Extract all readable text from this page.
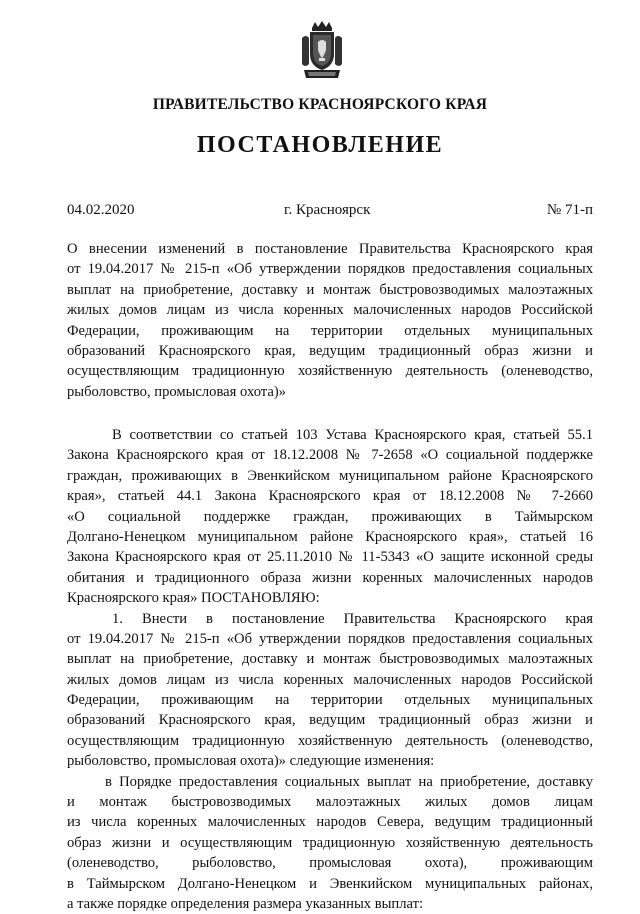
ПРАВИТЕЛЬСТВО КРАСНОЯРСКОГО КРАЯ
ПОСТАНОВЛЕНИЕ
04.02.2020	г. Красноярск	№ 71-п
О внесении изменений в постановление Правительства Красноярского края
от 19.04.2017 № 215-п «Об утверждении порядков предоставления социальных
выплат на приобретение, доставку и монтаж быстровозводимых малоэтажных
жилых домов лицам из числа коренных малочисленных народов Российской
Федерации, проживающим на территории отдельных муниципальных
образований Красноярского края, ведущим традиционный образ жизни и
осуществляющим традиционную хозяйственную деятельность (оленеводство,
рыболовство, промысловая охота)»
В соответствии со статьей 103 Устава Красноярского края, статьей 55.1
Закона Красноярского края от 18.12.2008 № 7-2658 «О социальной поддержке
граждан, проживающих в Эвенкийском муниципальном районе Красноярского
края», статьей 44.1 Закона Красноярского края от 18.12.2008 № 7-2660
«О социальной поддержке граждан, проживающих в Таймырском
Долгано-Ненецком муниципальном районе Красноярского края», статьей 16
Закона Красноярского края от 25.11.2010 № 11-5343 «О защите исконной среды
обитания и традиционного образа жизни коренных малочисленных народов
Красноярского края» ПОСТАНОВЛЯЮ:
1. Внести в постановление Правительства Красноярского края
от 19.04.2017 № 215-п «Об утверждении порядков предоставления социальных
выплат на приобретение, доставку и монтаж быстровозводимых малоэтажных
жилых домов лицам из числа коренных малочисленных народов Российской
Федерации, проживающим на территории отдельных муниципальных
образований Красноярского края, ведущим традиционный образ жизни и
осуществляющим традиционную хозяйственную деятельность (оленеводство,
рыболовство, промысловая охота)» следующие изменения:
в Порядке предоставления социальных выплат на приобретение, доставку
и монтаж быстровозводимых малоэтажных жилых домов лицам
из числа коренных малочисленных народов Севера, ведущим традиционный
образ жизни и осуществляющим традиционную хозяйственную деятельность
(оленеводство, рыболовство, промысловая охота), проживающим
в Таймырском Долгано-Ненецком и Эвенкийском муниципальных районах,
а также порядке определения размера указанных выплат:
